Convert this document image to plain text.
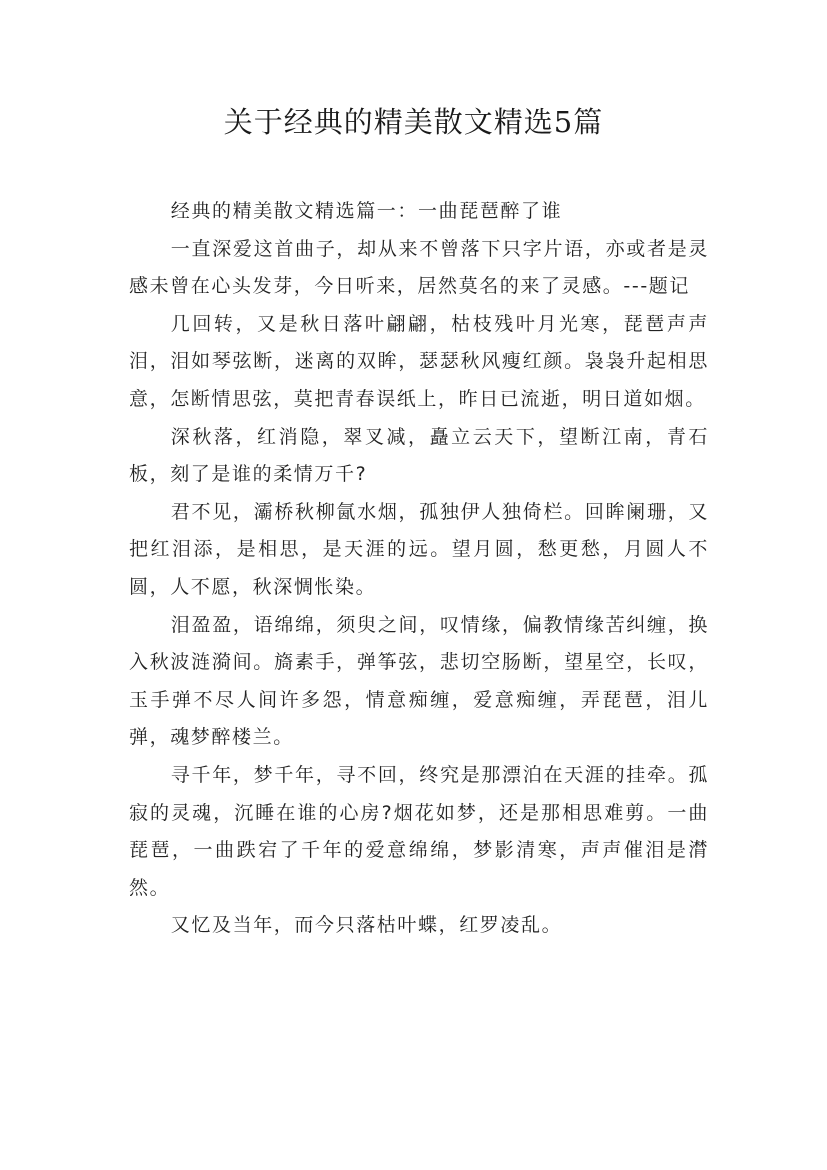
关于经典的精美散文精选5篇

经典的精美散文精选篇一：一曲琵琶醉了谁

一直深爱这首曲子，却从来不曾落下只字片语，亦或者是灵感未曾在心头发芽，今日听来，居然莫名的来了灵感。---题记

几回转，又是秋日落叶翩翩，枯枝残叶月光寒，琵琶声声泪，泪如琴弦断，迷离的双眸，瑟瑟秋风瘦红颜。袅袅升起相思意，怎断情思弦，莫把青春误纸上，昨日已流逝，明日道如烟。

深秋落，红消隐，翠叉减，矗立云天下，望断江南，青石板，刻了是谁的柔情万千?

君不见，灞桥秋柳氤水烟，孤独伊人独倚栏。回眸阑珊，又把红泪添，是相思，是天涯的远。望月圆，愁更愁，月圆人不圆，人不愿，秋深惆怅染。

泪盈盈，语绵绵，须臾之间，叹情缘，偏教情缘苦纠缠，换入秋波涟漪间。旖素手，弹筝弦，悲切空肠断，望星空，长叹，玉手弹不尽人间许多怨，情意痴缠，爱意痴缠，弄琵琶，泪儿弹，魂梦醉楼兰。

寻千年，梦千年，寻不回，终究是那漂泊在天涯的挂牵。孤寂的灵魂，沉睡在谁的心房?烟花如梦，还是那相思难剪。一曲琵琶，一曲跌宕了千年的爱意绵绵，梦影清寒，声声催泪是潸然。

又忆及当年，而今只落枯叶蝶，红罗凌乱。
